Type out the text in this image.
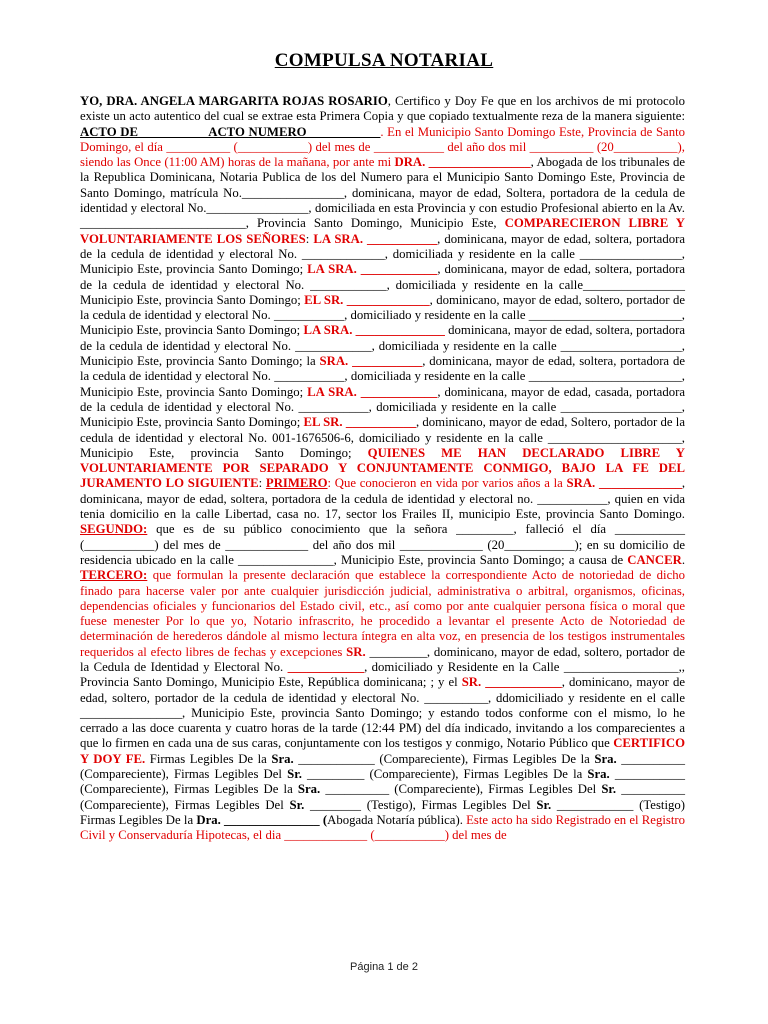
COMPULSA NOTARIAL
YO, DRA. ANGELA MARGARITA ROJAS ROSARIO, Certifico y Doy Fe que en los archivos de mi protocolo existe un acto autentico del cual se extrae esta Primera Copia y que copiado textualmente reza de la manera siguiente: ACTO DE __________ ACTO NUMERO ___________. En el Municipio Santo Domingo Este, Provincia de Santo Domingo, el día __________ (___________) del mes de ___________ del año dos mil __________ (20__________), siendo las Once (11:00 AM) horas de la mañana, por ante mi DRA. ________________, Abogada de los tribunales de la Republica Dominicana, Notaria Publica de los del Numero para el Municipio Santo Domingo Este, Provincia de Santo Domingo, matrícula No.________________, dominicana, mayor de edad, Soltera, portadora de la cedula de identidad y electoral No.________________, domiciliada en esta Provincia y con estudio Profesional abierto en la Av. __________________________, Provincia Santo Domingo, Municipio Este, COMPARECIERON LIBRE Y VOLUNTARIAMENTE LOS SEÑORES: LA SRA. ___________, dominicana, mayor de edad, soltera, portadora de la cedula de identidad y electoral No. _____________, domiciliada y residente en la calle ________________, Municipio Este, provincia Santo Domingo; LA SRA. ____________, dominicana, mayor de edad, soltera, portadora de la cedula de identidad y electoral No. ____________, domiciliada y residente en la calle________________ Municipio Este, provincia Santo Domingo; EL SR. _____________, dominicano, mayor de edad, soltero, portador de la cedula de identidad y electoral No. ___________, domiciliado y residente en la calle ________________________, Municipio Este, provincia Santo Domingo; LA SRA. ______________ dominicana, mayor de edad, soltera, portadora de la cedula de identidad y electoral No. ____________, domiciliada y residente en la calle ___________________, Municipio Este, provincia Santo Domingo; la SRA. ___________, dominicana, mayor de edad, soltera, portadora de la cedula de identidad y electoral No. ___________, domiciliada y residente en la calle ________________________, Municipio Este, provincia Santo Domingo; LA SRA. ____________, dominicana, mayor de edad, casada, portadora de la cedula de identidad y electoral No. ___________, domiciliada y residente en la calle ___________________, Municipio Este, provincia Santo Domingo; EL SR. ___________, dominicano, mayor de edad, Soltero, portador de la cedula de identidad y electoral No. 001-1676506-6, domiciliado y residente en la calle _____________________, Municipio Este, provincia Santo Domingo; QUIENES ME HAN DECLARADO LIBRE Y VOLUNTARIAMENTE POR SEPARADO Y CONJUNTAMENTE CONMIGO, BAJO LA FE DEL JURAMENTO LO SIGUIENTE: PRIMERO: Que conocieron en vida por varios años a la SRA. _____________, dominicana, mayor de edad, soltera, portadora de la cedula de identidad y electoral no. ___________, quien en vida tenia domicilio en la calle Libertad, casa no. 17, sector los Frailes II, municipio Este, provincia Santo Domingo. SEGUNDO: que es de su público conocimiento que la señora _________, falleció el día ___________ (___________) del mes de _____________ del año dos mil _____________ (20___________); en su domicilio de residencia ubicado en la calle _______________, Municipio Este, provincia Santo Domingo; a causa de CANCER. TERCERO: que formulan la presente declaración que establece la correspondiente Acto de notoriedad de dicho finado para hacerse valer por ante cualquier jurisdicción judicial, administrativa o arbitral, organismos, oficinas, dependencias oficiales y funcionarios del Estado civil, etc., así como por ante cualquier persona física o moral que fuese menester Por lo que yo, Notario infrascrito, he procedido a levantar el presente Acto de Notoriedad de determinación de herederos dándole al mismo lectura íntegra en alta voz, en presencia de los testigos instrumentales requeridos al efecto libres de fechas y excepciones SR. _________, dominicano, mayor de edad, soltero, portador de la Cedula de Identidad y Electoral No. ____________, domiciliado y Residente en la Calle __________________,, Provincia Santo Domingo, Municipio Este, República dominicana; ; y el SR. ____________, dominicano, mayor de edad, soltero, portador de la cedula de identidad y electoral No. __________, ddomiciliado y residente en el calle ________________, Municipio Este, provincia Santo Domingo; y estando todos conforme con el mismo, lo he cerrado a las doce cuarenta y cuatro horas de la tarde (12:44 PM) del día indicado, invitando a los comparecientes a que lo firmen en cada una de sus caras, conjuntamente con los testigos y conmigo, Notario Público que CERTIFICO Y DOY FE. Firmas Legibles De la Sra. ____________ (Compareciente), Firmas Legibles De la Sra. __________ (Compareciente), Firmas Legibles Del Sr. _________ (Compareciente), Firmas Legibles De la Sra. ___________ (Compareciente), Firmas Legibles De la Sra. __________ (Compareciente), Firmas Legibles Del Sr. __________ (Compareciente), Firmas Legibles Del Sr. ________ (Testigo), Firmas Legibles Del Sr. ____________ (Testigo) Firmas Legibles De la Dra. _______________ (Abogada Notaría pública). Este acto ha sido Registrado en el Registro Civil y Conservaduría Hipotecas, el dia _____________ (___________) del mes de
Página 1 de 2
